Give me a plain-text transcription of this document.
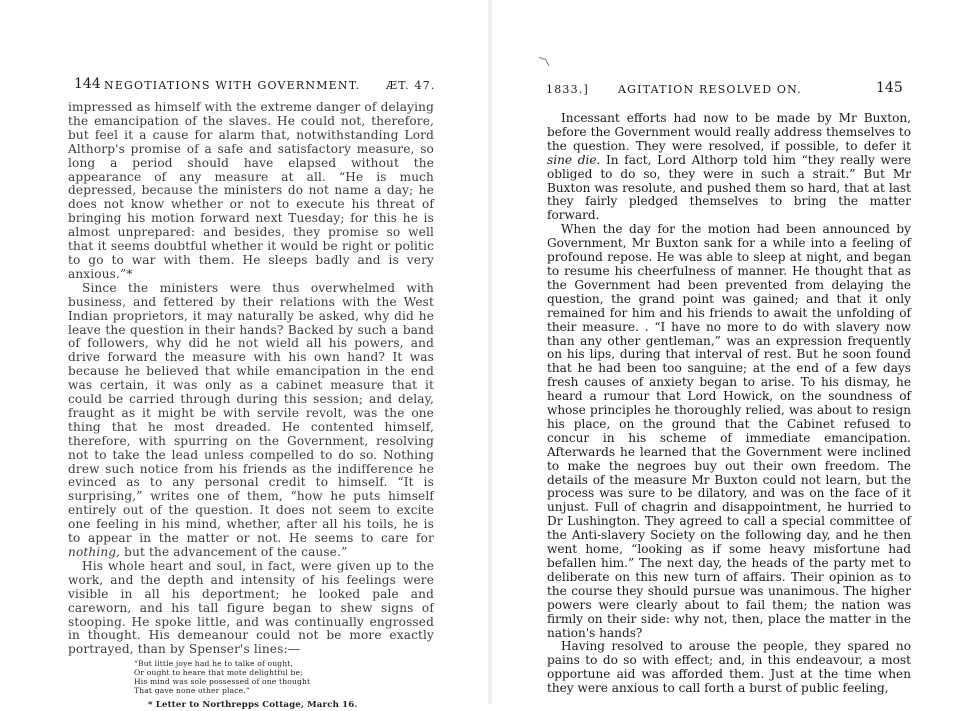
144 NEGOTIATIONS WITH GOVERNMENT. ÆT. 47.

impressed as himself with the extreme danger of delaying the emancipation of the slaves. He could not, therefore, but feel it a cause for alarm that, notwithstanding Lord Althorp's promise of a safe and satisfactory measure, so long a period should have elapsed without the appearance of any measure at all. “He is much depressed, because the ministers do not name a day; he does not know whether or not to execute his threat of bringing his motion forward next Tuesday; for this he is almost unprepared: and besides, they promise so well that it seems doubtful whether it would be right or politic to go to war with them. He sleeps badly and is very anxious.”*

Since the ministers were thus overwhelmed with business, and fettered by their relations with the West Indian proprietors, it may naturally be asked, why did he leave the question in their hands? Backed by such a band of followers, why did he not wield all his powers, and drive forward the measure with his own hand? It was because he believed that while emancipation in the end was certain, it was only as a cabinet measure that it could be carried through during this session; and delay, fraught as it might be with servile revolt, was the one thing that he most dreaded. He contented himself, therefore, with spurring on the Government, resolving not to take the lead unless compelled to do so. Nothing drew such notice from his friends as the indifference he evinced as to any personal credit to himself. “It is surprising,” writes one of them, “how he puts himself entirely out of the question. It does not seem to excite one feeling in his mind, whether, after all his toils, he is to appear in the matter or not. He seems to care for nothing, but the advancement of the cause.”

His whole heart and soul, in fact, were given up to the work, and the depth and intensity of his feelings were visible in all his deportment; he looked pale and careworn, and his tall figure began to shew signs of stooping. He spoke little, and was continually engrossed in thought. His demeanour could not be more exactly portrayed, than by Spenser's lines:—

“But little joye had he to talke of ought,
Or ought to heare that mote delightful be;
His mind was sole possessed of one thought
That gave none other place.”
* Letter to Northrepps Cottage, March 16.
1833.]	AGITATION RESOLVED ON.	145

Incessant efforts had now to be made by Mr Buxton, before the Government would really address themselves to the question. They were resolved, if possible, to defer it sine die. In fact, Lord Althorp told him “they really were obliged to do so, they were in such a strait.” But Mr Buxton was resolute, and pushed them so hard, that at last they fairly pledged themselves to bring the matter forward.

When the day for the motion had been announced by Government, Mr Buxton sank for a while into a feeling of profound repose. He was able to sleep at night, and began to resume his cheerfulness of manner. He thought that as the Government had been prevented from delaying the question, the grand point was gained; and that it only remained for him and his friends to await the unfolding of their measure. . “I have no more to do with slavery now than any other gentleman,” was an expression frequently on his lips, during that interval of rest. But he soon found that he had been too sanguine; at the end of a few days fresh causes of anxiety began to arise. To his dismay, he heard a rumour that Lord Howick, on the soundness of whose principles he thoroughly relied, was about to resign his place, on the ground that the Cabinet refused to concur in his scheme of immediate emancipation. Afterwards he learned that the Government were inclined to make the negroes buy out their own freedom. The details of the measure Mr Buxton could not learn, but the process was sure to be dilatory, and was on the face of it unjust. Full of chagrin and disappointment, he hurried to Dr Lushington. They agreed to call a special committee of the Anti-slavery Society on the following day, and he then went home, “looking as if some heavy misfortune had befallen him.” The next day, the heads of the party met to deliberate on this new turn of affairs. Their opinion as to the course they should pursue was unanimous. The higher powers were clearly about to fail them; the nation was firmly on their side: why not, then, place the matter in the nation's hands?

Having resolved to arouse the people, they spared no pains to do so with effect; and, in this endeavour, a most opportune aid was afforded them. Just at the time when they were anxious to call forth a burst of public feeling,
